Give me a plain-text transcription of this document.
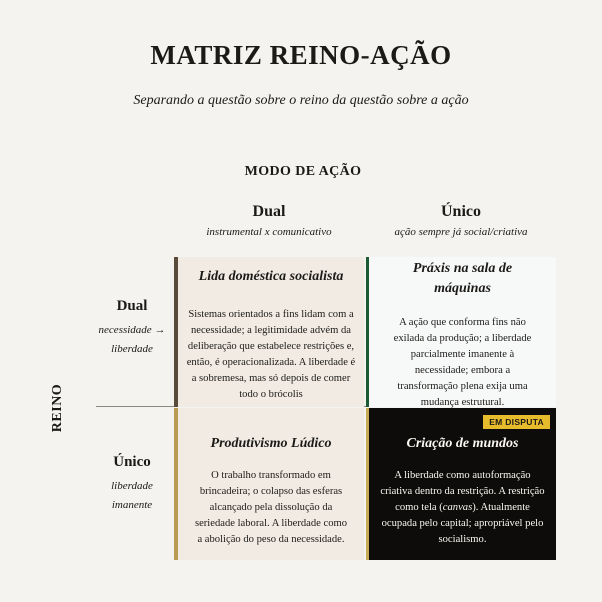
MATRIZ REINO-AÇÃO
Separando a questão sobre o reino da questão sobre a ação
MODO DE AÇÃO
Dual
instrumental x comunicativo
Único
ação sempre já social/criativa
REINO
Dual
necessidade → liberdade
Único
liberdade imanente
Lida doméstica socialista
Sistemas orientados a fins lidam com a necessidade; a legitimidade advém da deliberação que estabelece restrições e, então, é operacionalizada. A liberdade é a sobremesa, mas só depois de comer todo o brócolis
Práxis na sala de máquinas
A ação que conforma fins não exilada da produção; a liberdade parcialmente imanente à necessidade; embora a transformação plena exija uma mudança estrutural.
Produtivismo Lúdico
O trabalho transformado em brincadeira; o colapso das esferas alcançado pela dissolução da seriedade laboral. A liberdade como a abolição do peso da necessidade.
EM DISPUTA
Criação de mundos
A liberdade como autoformação criativa dentro da restrição. A restrição como tela (canvas). Atualmente ocupada pelo capital; apropriável pelo socialismo.
